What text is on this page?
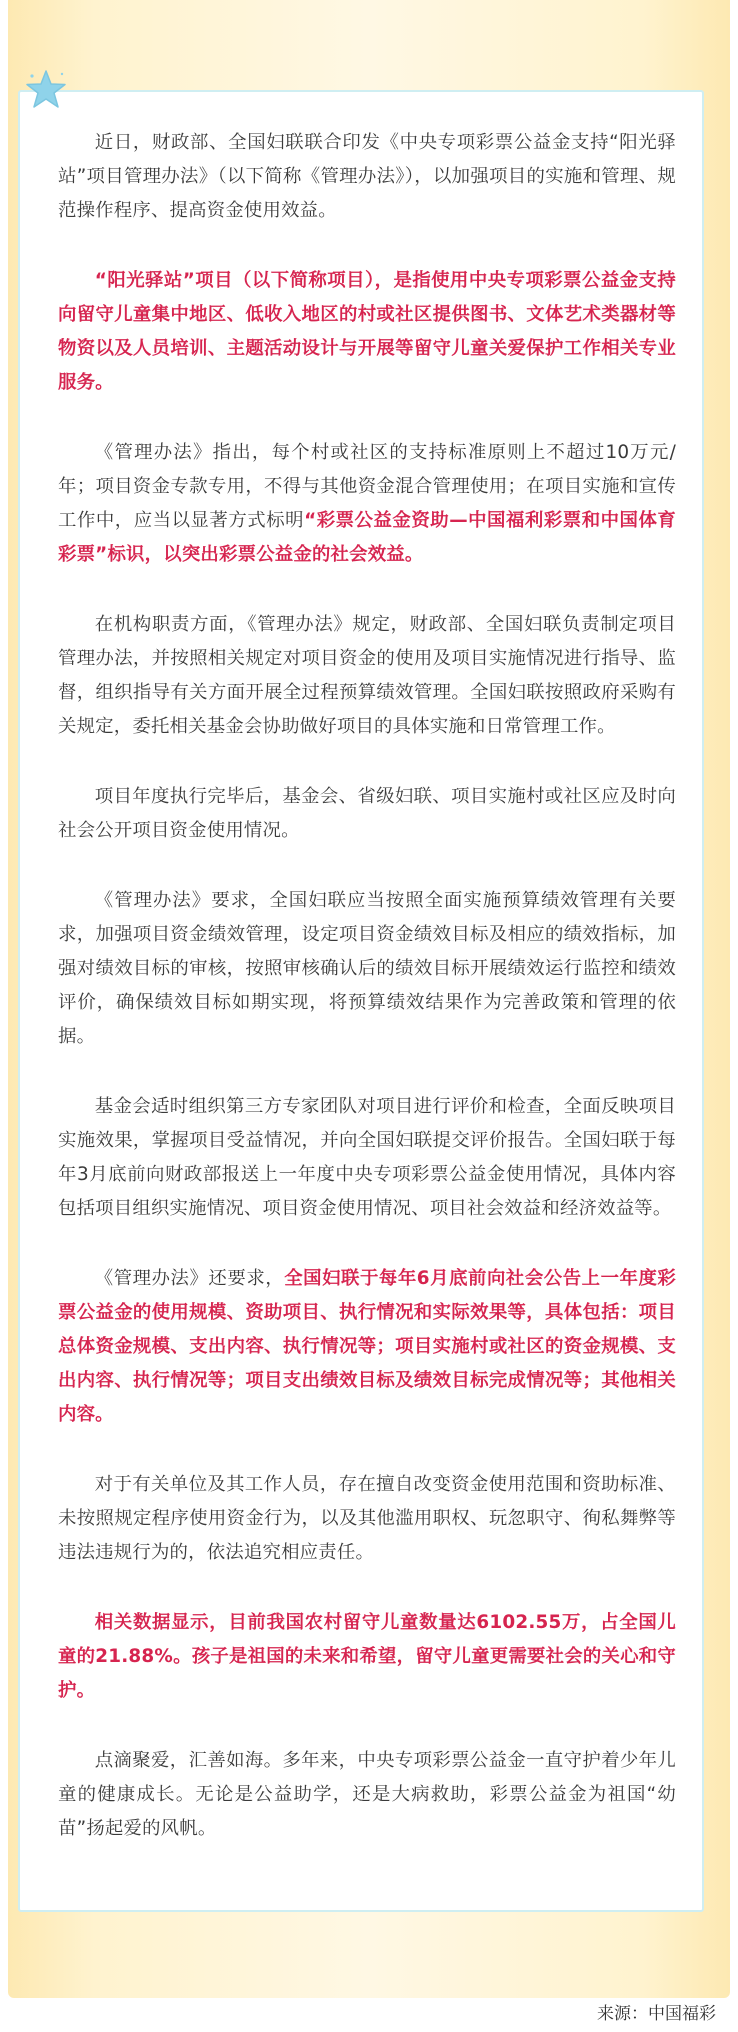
近日，财政部、全国妇联联合印发《中央专项彩票公益金支持“阳光驿站”项目管理办法》（以下简称《管理办法》），以加强项目的实施和管理、规范操作程序、提高资金使用效益。

“阳光驿站”项目（以下简称项目），是指使用中央专项彩票公益金支持向留守儿童集中地区、低收入地区的村或社区提供图书、文体艺术类器材等物资以及人员培训、主题活动设计与开展等留守儿童关爱保护工作相关专业服务。

《管理办法》指出，每个村或社区的支持标准原则上不超过10万元/年；项目资金专款专用，不得与其他资金混合管理使用；在项目实施和宣传工作中，应当以显著方式标明“彩票公益金资助—中国福利彩票和中国体育彩票”标识，以突出彩票公益金的社会效益。

在机构职责方面，《管理办法》规定，财政部、全国妇联负责制定项目管理办法，并按照相关规定对项目资金的使用及项目实施情况进行指导、监督，组织指导有关方面开展全过程预算绩效管理。全国妇联按照政府采购有关规定，委托相关基金会协助做好项目的具体实施和日常管理工作。

项目年度执行完毕后，基金会、省级妇联、项目实施村或社区应及时向社会公开项目资金使用情况。

《管理办法》要求，全国妇联应当按照全面实施预算绩效管理有关要求，加强项目资金绩效管理，设定项目资金绩效目标及相应的绩效指标，加强对绩效目标的审核，按照审核确认后的绩效目标开展绩效运行监控和绩效评价，确保绩效目标如期实现，将预算绩效结果作为完善政策和管理的依据。

基金会适时组织第三方专家团队对项目进行评价和检查，全面反映项目实施效果，掌握项目受益情况，并向全国妇联提交评价报告。全国妇联于每年3月底前向财政部报送上一年度中央专项彩票公益金使用情况，具体内容包括项目组织实施情况、项目资金使用情况、项目社会效益和经济效益等。

《管理办法》还要求，全国妇联于每年6月底前向社会公告上一年度彩票公益金的使用规模、资助项目、执行情况和实际效果等，具体包括：项目总体资金规模、支出内容、执行情况等；项目实施村或社区的资金规模、支出内容、执行情况等；项目支出绩效目标及绩效目标完成情况等；其他相关内容。

对于有关单位及其工作人员，存在擅自改变资金使用范围和资助标准、未按照规定程序使用资金行为，以及其他滥用职权、玩忽职守、徇私舞弊等违法违规行为的，依法追究相应责任。

相关数据显示，目前我国农村留守儿童数量达6102.55万，占全国儿童的21.88%。孩子是祖国的未来和希望，留守儿童更需要社会的关心和守护。

点滴聚爱，汇善如海。多年来，中央专项彩票公益金一直守护着少年儿童的健康成长。无论是公益助学，还是大病救助，彩票公益金为祖国“幼苗”扬起爱的风帆。

来源：中国福彩
